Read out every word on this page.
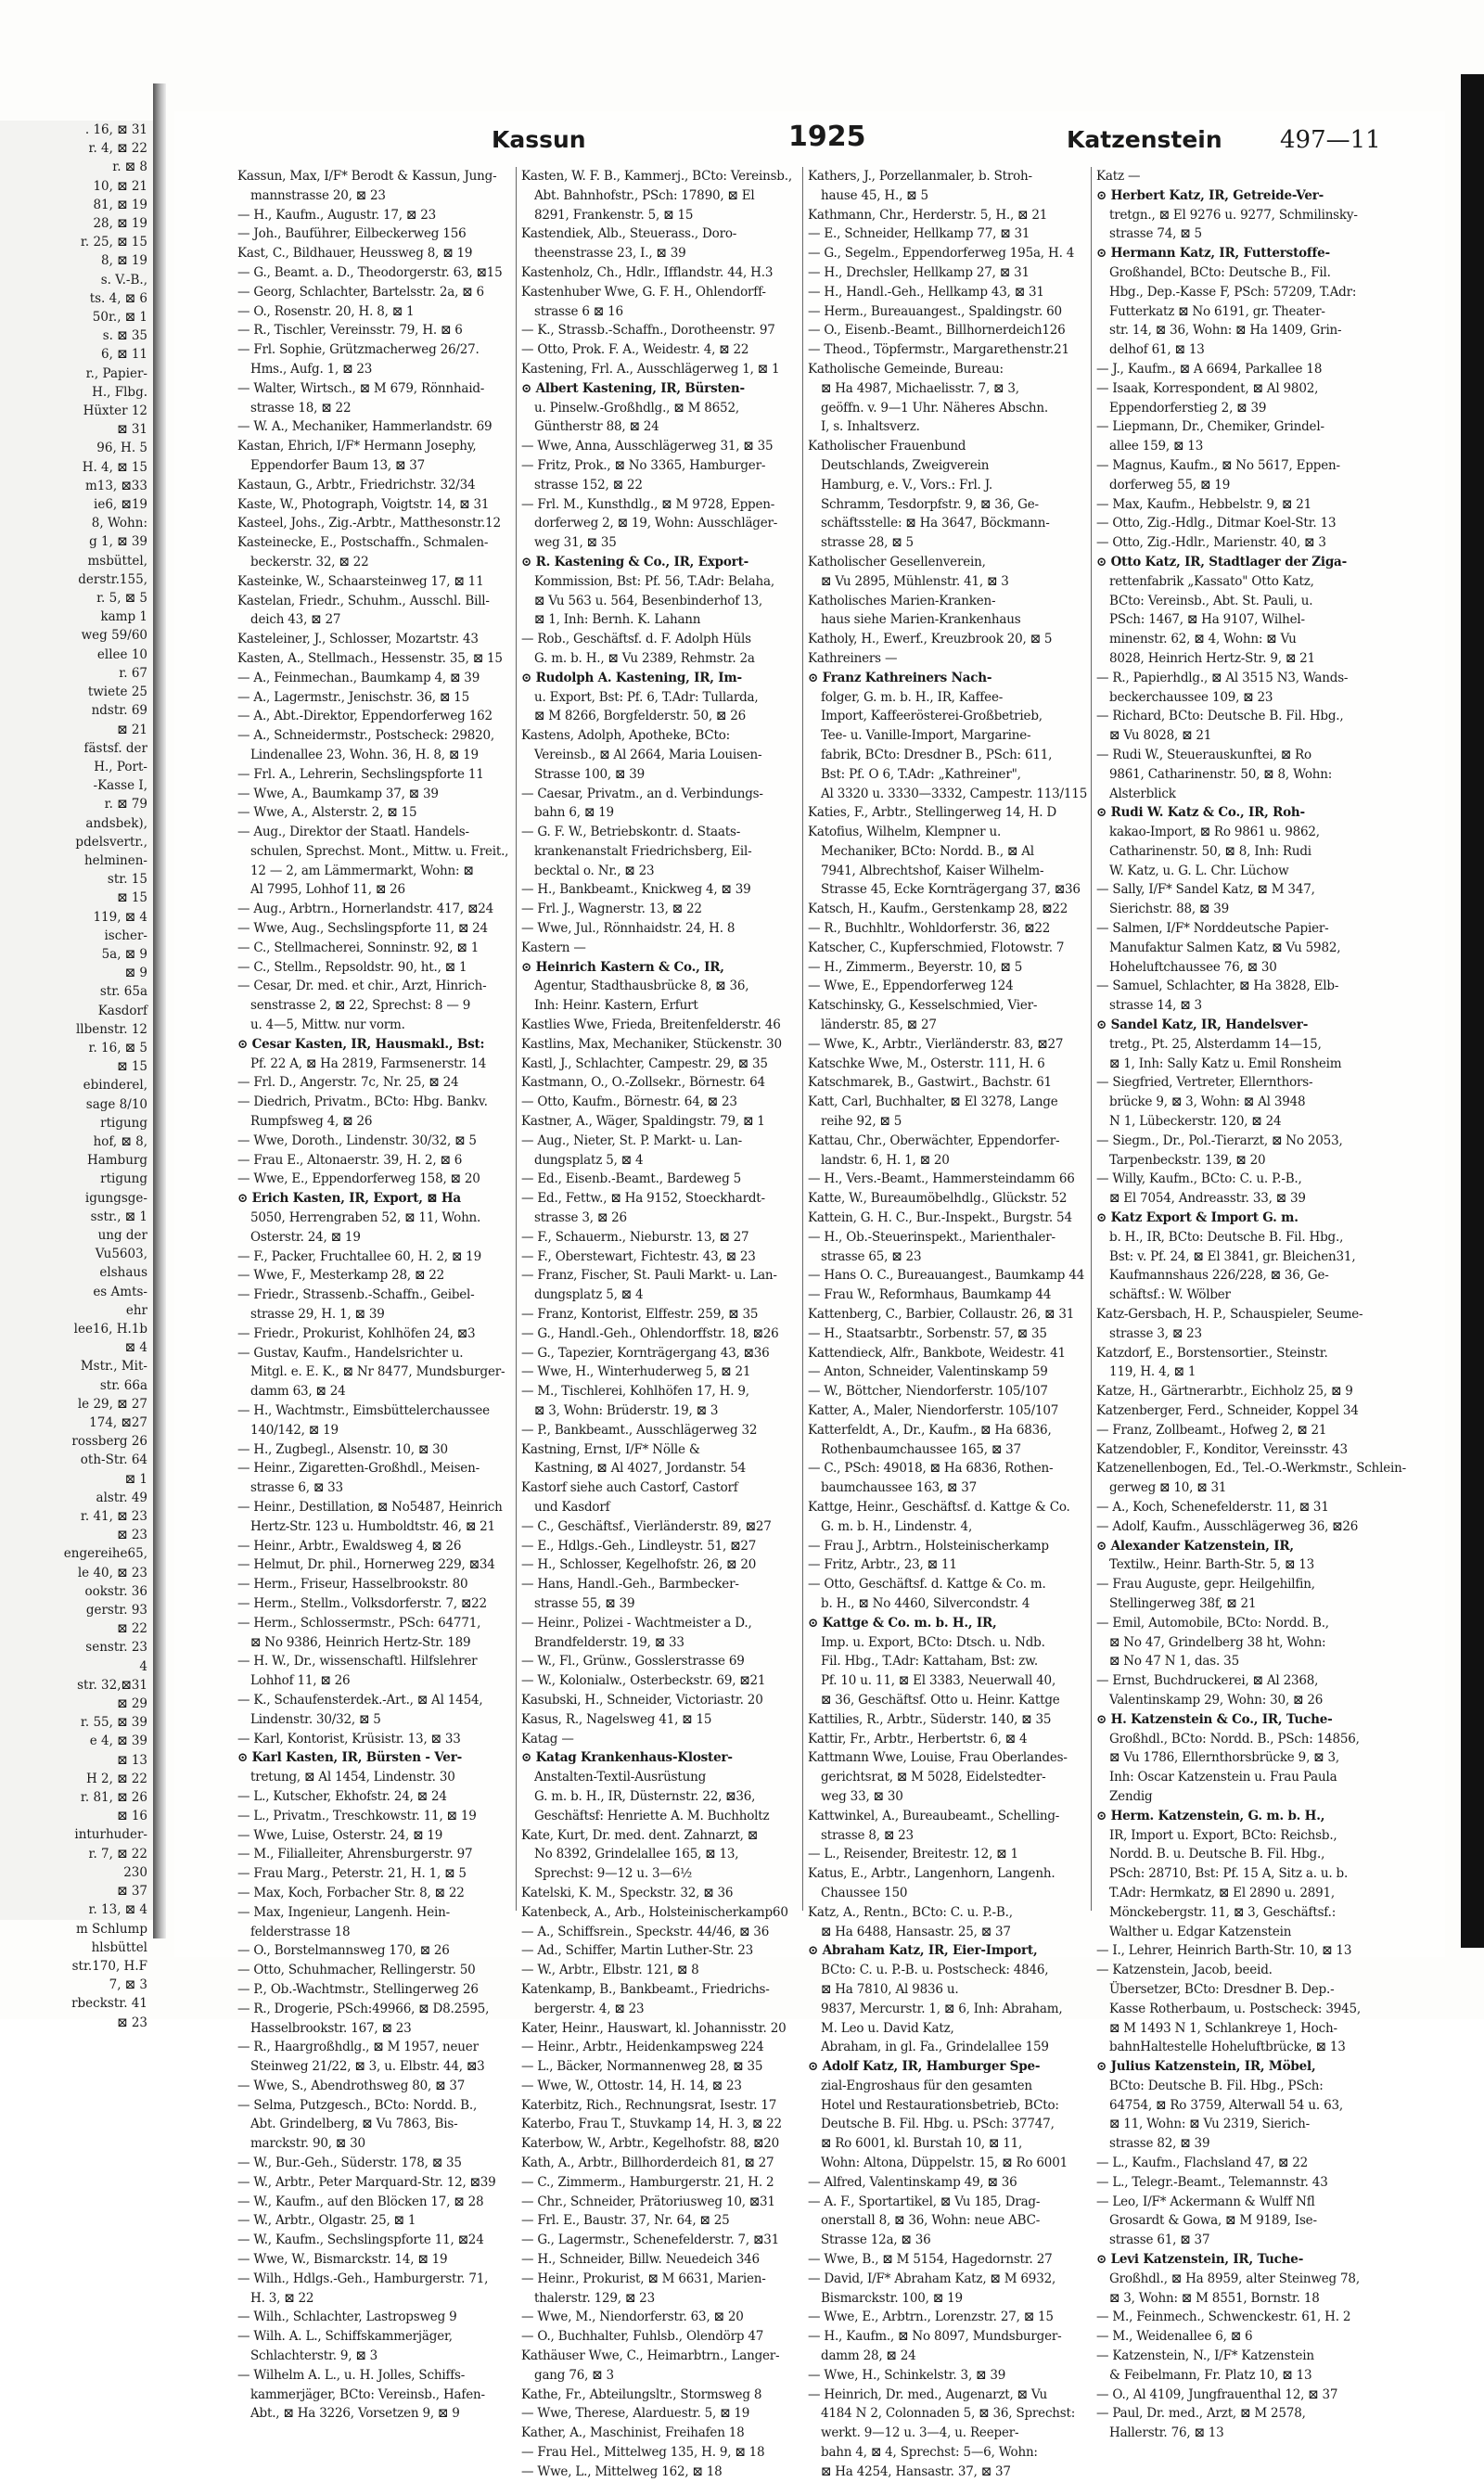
. 16, ⊠ 31
r. 4, ⊠ 22
r. ⊠ 8
10, ⊠ 21
81, ⊠ 19
28, ⊠ 19
r. 25, ⊠ 15
8, ⊠ 19
s. V.-B.,
ts. 4, ⊠ 6
50r., ⊠ 1
s. ⊠ 35
6, ⊠ 11
r., Papier-
H., Flbg.
Hüxter 12
⊠ 31
96, H. 5
H. 4, ⊠ 15
m13, ⊠33
ie6, ⊠19
8, Wohn:
g 1, ⊠ 39
msbüttel,
derstr.155,
r. 5, ⊠ 5
kamp 1
weg 59/60
ellee 10
r. 67
twiete 25
ndstr. 69
⊠ 21
fästsf. der
H., Port-
-Kasse I,
r. ⊠ 79
andsbek),
pdelsvertr.,
helminen-
str. 15
⊠ 15
119, ⊠ 4
ischer-
5a, ⊠ 9
⊠ 9
str. 65a
Kasdorf
llbenstr. 12
r. 16, ⊠ 5
⊠ 15
ebinderel,
sage 8/10
rtigung
hof, ⊠ 8,
Hamburg
rtigung
igungsge-
sstr., ⊠ 1
ung der
Vu5603,
elshaus
es Amts-
ehr
lee16, H.1b
⊠ 4
Mstr., Mit-
str. 66a
le 29, ⊠ 27
174, ⊠27
rossberg 26
oth-Str. 64
⊠ 1
alstr. 49
r. 41, ⊠ 23
⊠ 23
engereihe65,
le 40, ⊠ 23
ookstr. 36
gerstr. 93
⊠ 22
senstr. 23
4
str. 32,⊠31
⊠ 29
r. 55, ⊠ 39
e 4, ⊠ 39
⊠ 13
H 2, ⊠ 22
r. 81, ⊠ 26
⊠ 16
inturhuder-
r. 7, ⊠ 22
230
⊠ 37
r. 13, ⊠ 4
m Schlump
hlsbüttel
str.170, H.F
7, ⊠ 3
rbeckstr. 41
⊠ 23
Kassun	1925	Katzenstein 497—11
Kassun, Max, I/F* Berodt & Kassun, Jung-
mannstrasse 20, ⊠ 23
— H., Kaufm., Augustr. 17, ⊠ 23
— Joh., Bauführer, Eilbeckerweg 156
Kast, C., Bildhauer, Heussweg 8, ⊠ 19
— G., Beamt. a. D., Theodorgerstr. 63, ⊠15
— Georg, Schlachter, Bartelsstr. 2a, ⊠ 6
— O., Rosenstr. 20, H. 8, ⊠ 1
— R., Tischler, Vereinsstr. 79, H. ⊠ 6
— Frl. Sophie, Grützmacherweg 26/27.
Hms., Aufg. 1, ⊠ 23
— Walter, Wirtsch., ⊠ M 679, Rönnhaid-
strasse 18, ⊠ 22
— W. A., Mechaniker, Hammerlandstr. 69
Kastan, Ehrich, I/F* Hermann Josephy,
Eppendorfer Baum 13, ⊠ 37
Kastaun, G., Arbtr., Friedrichstr. 32/34
Kaste, W., Photograph, Voigtstr. 14, ⊠ 31
Kasteel, Johs., Zig.-Arbtr., Matthesonstr.12
Kasteinecke, E., Postschaffn., Schmalen-
beckerstr. 32, ⊠ 22
Kasteinke, W., Schaarsteinweg 17, ⊠ 11
Kastelan, Friedr., Schuhm., Ausschl. Bill-
deich 43, ⊠ 27
Kasteleiner, J., Schlosser, Mozartstr. 43
Kasten, A., Stellmach., Hessenstr. 35, ⊠ 15
— A., Feinmechan., Baumkamp 4, ⊠ 39
— A., Lagermstr., Jenischstr. 36, ⊠ 15
— A., Abt.-Direktor, Eppendorferweg 162
— A., Schneidermstr., Postscheck: 29820,
Lindenallee 23, Wohn. 36, H. 8, ⊠ 19
— Frl. A., Lehrerin, Sechslingspforte 11
— Wwe, A., Baumkamp 37, ⊠ 39
— Wwe, A., Alsterstr. 2, ⊠ 15
— Aug., Direktor der Staatl. Handels-
schulen, Sprechst. Mont., Mittw. u. Freit.,
12 — 2, am Lämmermarkt, Wohn: ⊠
Al 7995, Lohhof 11, ⊠ 26
— Aug., Arbtrn., Hornerlandstr. 417, ⊠24
— Wwe, Aug., Sechslingspforte 11, ⊠ 24
— C., Stellmacherei, Sonninstr. 92, ⊠ 1
— C., Stellm., Repsoldstr. 90, ht., ⊠ 1
— Cesar, Dr. med. et chir., Arzt, Hinrich-
senstrasse 2, ⊠ 22, Sprechst: 8 — 9
u. 4—5, Mittw. nur vorm.
⊙ Cesar Kasten, IR, Hausmakl., Bst:
Pf. 22 A, ⊠ Ha 2819, Farmsenerstr. 14
— Frl. D., Angerstr. 7c, Nr. 25, ⊠ 24
— Diedrich, Privatm., BCto: Hbg. Bankv.
Rumpfsweg 4, ⊠ 26
— Wwe, Doroth., Lindenstr. 30/32, ⊠ 5
— Frau E., Altonaerstr. 39, H. 2, ⊠ 6
— Wwe, E., Eppendorferweg 158, ⊠ 20
⊙ Erich Kasten, IR, Export, ⊠ Ha
5050, Herrengraben 52, ⊠ 11, Wohn.
Osterstr. 24, ⊠ 19
— F., Packer, Fruchtallee 60, H. 2, ⊠ 19
— Wwe, F., Mesterkamp 28, ⊠ 22
— Friedr., Strassenb.-Schaffn., Geibel-
strasse 29, H. 1, ⊠ 39
— Friedr., Prokurist, Kohlhöfen 24, ⊠3
— Gustav, Kaufm., Handelsrichter u.
Mitgl. e. E. K., ⊠ Nr 8477, Mundsburger-
damm 63, ⊠ 24
— H., Wachtmstr., Eimsbüttelerchaussee
140/142, ⊠ 19
— H., Zugbegl., Alsenstr. 10, ⊠ 30
— Heinr., Zigaretten-Großhdl., Meisen-
strasse 6, ⊠ 33
— Heinr., Destillation, ⊠ No5487, Heinrich
Hertz-Str. 123 u. Humboldtstr. 46, ⊠ 21
— Heinr., Arbtr., Ewaldsweg 4, ⊠ 26
— Helmut, Dr. phil., Hornerweg 229, ⊠34
— Herm., Friseur, Hasselbrookstr. 80
— Herm., Stellm., Volksdorferstr. 7, ⊠22
— Herm., Schlossermstr., PSch: 64771,
⊠ No 9386, Heinrich Hertz-Str. 189
— H. W., Dr., wissenschaftl. Hilfslehrer
Lohhof 11, ⊠ 26
— K., Schaufensterdek.-Art., ⊠ Al 1454,
Lindenstr. 30/32, ⊠ 5
— Karl, Kontorist, Krüsistr. 13, ⊠ 33
⊙ Karl Kasten, IR, Bürsten - Ver-
tretung, ⊠ Al 1454, Lindenstr. 30
— L., Kutscher, Ekhofstr. 24, ⊠ 24
— L., Privatm., Treschkowstr. 11, ⊠ 19
— Wwe, Luise, Osterstr. 24, ⊠ 19
— M., Filialleiter, Ahrensburgerstr. 97
— Frau Marg., Peterstr. 21, H. 1, ⊠ 5
— Max, Koch, Forbacher Str. 8, ⊠ 22
— Max, Ingenieur, Langenh. Hein-
felderstrasse 18
— O., Borstelmannsweg 170, ⊠ 26
— Otto, Schuhmacher, Rellingerstr. 50
— P., Ob.-Wachtmstr., Stellingerweg 26
— R., Drogerie, PSch:49966, ⊠ D8.2595,
Hasselbrookstr. 167, ⊠ 23
— R., Haargroßhdlg., ⊠ M 1957, neuer
Steinweg 21/22, ⊠ 3, u. Elbstr. 44, ⊠3
— Wwe, S., Abendrothsweg 80, ⊠ 37
— Selma, Putzgesch., BCto: Nordd. B.,
Abt. Grindelberg, ⊠ Vu 7863, Bis-
marckstr. 90, ⊠ 30
— W., Bur.-Geh., Süderstr. 178, ⊠ 35
— W., Arbtr., Peter Marquard-Str. 12, ⊠39
— W., Kaufm., auf den Blöcken 17, ⊠ 28
— W., Arbtr., Olgastr. 25, ⊠ 1
— W., Kaufm., Sechslingspforte 11, ⊠24
— Wwe, W., Bismarckstr. 14, ⊠ 19
— Wilh., Hdlgs.-Geh., Hamburgerstr. 71,
H. 3, ⊠ 22
— Wilh., Schlachter, Lastropsweg 9
— Wilh. A. L., Schiffskammerjäger,
Schlachterstr. 9, ⊠ 3
— Wilhelm A. L., u. H. Jolles, Schiffs-
kammerjäger, BCto: Vereinsb., Hafen-
Abt., ⊠ Ha 3226, Vorsetzen 9, ⊠ 9
Kasten, W. F. B., Kammerj., BCto: Vereinsb.,
Abt. Bahnhofstr., PSch: 17890, ⊠ El
8291, Frankenstr. 5, ⊠ 15
Kastendiek, Alb., Steuerass., Doro-
theenstrasse 23, I., ⊠ 39
Kastenholz, Ch., Hdlr., Ifflandstr. 44, H.3
Kastenhuber Wwe, G. F. H., Ohlendorff-
strasse 6 ⊠ 16
— K., Strassb.-Schaffn., Dorotheenstr. 97
— Otto, Prok. F. A., Weidestr. 4, ⊠ 22
Kastening, Frl. A., Ausschlägerweg 1, ⊠ 1
⊙ Albert Kastening, IR, Bürsten-
u. Pinselw.-Großhdlg., ⊠ M 8652,
Güntherstr 88, ⊠ 24
— Wwe, Anna, Ausschlägerweg 31, ⊠ 35
— Fritz, Prok., ⊠ No 3365, Hamburger-
strasse 152, ⊠ 22
— Frl. M., Kunsthdlg., ⊠ M 9728, Eppen-
dorferweg 2, ⊠ 19, Wohn: Ausschläger-
weg 31, ⊠ 35
⊙ R. Kastening & Co., IR, Export-
Kommission, Bst: Pf. 56, T.Adr: Belaha,
⊠ Vu 563 u. 564, Besenbinderhof 13,
⊠ 1, Inh: Bernh. K. Lahann
— Rob., Geschäftsf. d. F. Adolph Hüls
G. m. b. H., ⊠ Vu 2389, Rehmstr. 2a
⊙ Rudolph A. Kastening, IR, Im-
u. Export, Bst: Pf. 6, T.Adr: Tullarda,
⊠ M 8266, Borgfelderstr. 50, ⊠ 26
Kastens, Adolph, Apotheke, BCto:
Vereinsb., ⊠ Al 2664, Maria Louisen-
Strasse 100, ⊠ 39
— Caesar, Privatm., an d. Verbindungs-
bahn 6, ⊠ 19
— G. F. W., Betriebskontr. d. Staats-
krankenanstalt Friedrichsberg, Eil-
becktal o. Nr., ⊠ 23
— H., Bankbeamt., Knickweg 4, ⊠ 39
— Frl. J., Wagnerstr. 13, ⊠ 22
— Wwe, Jul., Rönnhaidstr. 24, H. 8
Kastern —
⊙ Heinrich Kastern & Co., IR,
Agentur, Stadthausbrücke 8, ⊠ 36,
Inh: Heinr. Kastern, Erfurt
Kastlies Wwe, Frieda, Breitenfelderstr. 46
Kastlins, Max, Mechaniker, Stückenstr. 30
Kastl, J., Schlachter, Campestr. 29, ⊠ 35
Kastmann, O., O.-Zollsekr., Börnestr. 64
— Otto, Kaufm., Börnestr. 64, ⊠ 23
Kastner, A., Wäger, Spaldingstr. 79, ⊠ 1
— Aug., Nieter, St. P. Markt- u. Lan-
dungsplatz 5, ⊠ 4
— Ed., Eisenb.-Beamt., Bardeweg 5
— Ed., Fettw., ⊠ Ha 9152, Stoeckhardt-
strasse 3, ⊠ 26
— F., Schauerm., Nieburstr. 13, ⊠ 27
— F., Oberstewart, Fichtestr. 43, ⊠ 23
— Franz, Fischer, St. Pauli Markt- u. Lan-
dungsplatz 5, ⊠ 4
— Franz, Kontorist, Elffestr. 259, ⊠ 35
— G., Handl.-Geh., Ohlendorffstr. 18, ⊠26
— G., Tapezier, Kornträgergang 43, ⊠36
— Wwe, H., Winterhuderweg 5, ⊠ 21
— M., Tischlerei, Kohlhöfen 17, H. 9,
⊠ 3, Wohn: Brüderstr. 19, ⊠ 3
— P., Bankbeamt., Ausschlägerweg 32
Kastning, Ernst, I/F* Nölle &
Kastning, ⊠ Al 4027, Jordanstr. 54
Kastorf siehe auch Castorf, Castorf
und Kasdorf
— C., Geschäftsf., Vierländerstr. 89, ⊠27
— E., Hdlgs.-Geh., Lindleystr. 51, ⊠27
— H., Schlosser, Kegelhofstr. 26, ⊠ 20
— Hans, Handl.-Geh., Barmbecker-
strasse 55, ⊠ 39
— Heinr., Polizei - Wachtmeister a D.,
Brandfelderstr. 19, ⊠ 33
— W., Fl., Grünw., Gosslerstrasse 69
— W., Kolonialw., Osterbeckstr. 69, ⊠21
Kasubski, H., Schneider, Victoriastr. 20
Kasus, R., Nagelsweg 41, ⊠ 15
Katag —
⊙ Katag Krankenhaus-Kloster-
Anstalten-Textil-Ausrüstung
G. m. b. H., IR, Düsternstr. 22, ⊠36,
Geschäftsf: Henriette A. M. Buchholtz
Kate, Kurt, Dr. med. dent. Zahnarzt, ⊠
No 8392, Grindelallee 165, ⊠ 13,
Sprechst: 9—12 u. 3—6½
Katelski, K. M., Speckstr. 32, ⊠ 36
Katenbeck, A., Arb., Holsteinischerkamp60
— A., Schiffsrein., Speckstr. 44/46, ⊠ 36
— Ad., Schiffer, Martin Luther-Str. 23
— W., Arbtr., Elbstr. 121, ⊠ 8
Katenkamp, B., Bankbeamt., Friedrichs-
bergerstr. 4, ⊠ 23
Kater, Heinr., Hauswart, kl. Johannisstr. 20
— Heinr., Arbtr., Heidenkampsweg 224
— L., Bäcker, Normannenweg 28, ⊠ 35
— Wwe, W., Ottostr. 14, H. 14, ⊠ 23
Katerbitz, Rich., Rechnungsrat, Isestr. 17
Katerbo, Frau T., Stuvkamp 14, H. 3, ⊠ 22
Katerbow, W., Arbtr., Kegelhofstr. 88, ⊠20
Kath, A., Arbtr., Billhorderdeich 81, ⊠ 27
— C., Zimmerm., Hamburgerstr. 21, H. 2
— Chr., Schneider, Prätoriusweg 10, ⊠31
— Frl. E., Baustr. 37, Nr. 64, ⊠ 25
— G., Lagermstr., Schenefelderstr. 7, ⊠31
— H., Schneider, Billw. Neuedeich 346
— Heinr., Prokurist, ⊠ M 6631, Marien-
thalerstr. 129, ⊠ 23
— Wwe, M., Niendorferstr. 63, ⊠ 20
— O., Buchhalter, Fuhlsb., Olendörp 47
Kathäuser Wwe, C., Heimarbtrn., Langer-
gang 76, ⊠ 3
Kathe, Fr., Abteilungsltr., Stormsweg 8
— Wwe, Therese, Alarduestr. 5, ⊠ 19
Kather, A., Maschinist, Freihafen 18
— Frau Hel., Mittelweg 135, H. 9, ⊠ 18
— Wwe, L., Mittelweg 162, ⊠ 18
Kathers, J., Porzellanmaler, b. Stroh-
hause 45, H., ⊠ 5
Kathmann, Chr., Herderstr. 5, H., ⊠ 21
— E., Schneider, Hellkamp 77, ⊠ 31
— G., Segelm., Eppendorferweg 195a, H. 4
— H., Drechsler, Hellkamp 27, ⊠ 31
— H., Handl.-Geh., Hellkamp 43, ⊠ 31
— Herm., Bureauangest., Spaldingstr. 60
— O., Eisenb.-Beamt., Billhornerdeich126
— Theod., Töpfermstr., Margarethenstr.21
Katholische Gemeinde, Bureau:
⊠ Ha 4987, Michaelisstr. 7, ⊠ 3,
geöffn. v. 9—1 Uhr. Näheres Abschn.
I, s. Inhaltsverz.
Katholischer Frauenbund
Deutschlands, Zweigverein
Hamburg, e. V., Vors.: Frl. J.
Schramm, Tesdorpfstr. 9, ⊠ 36, Ge-
schäftsstelle: ⊠ Ha 3647, Böckmann-
strasse 28, ⊠ 5
Katholischer Gesellenverein,
⊠ Vu 2895, Mühlenstr. 41, ⊠ 3
Katholisches Marien-Kranken-
haus siehe Marien-Krankenhaus
Katholy, H., Ewerf., Kreuzbrook 20, ⊠ 5
Kathreiners —
⊙ Franz Kathreiners Nach-
folger, G. m. b. H., IR, Kaffee-
Import, Kaffeerösterei-Großbetrieb,
Tee- u. Vanille-Import, Margarine-
fabrik, BCto: Dresdner B., PSch: 611,
Bst: Pf. O 6, T.Adr: „Kathreiner",
Al 3320 u. 3330—3332, Campestr. 113/115
Katies, F., Arbtr., Stellingerweg 14, H. D
Katofius, Wilhelm, Klempner u.
Mechaniker, BCto: Nordd. B., ⊠ Al
7941, Albrechtshof, Kaiser Wilhelm-
Strasse 45, Ecke Kornträgergang 37, ⊠36
Katsch, H., Kaufm., Gerstenkamp 28, ⊠22
— R., Buchhltr., Wohldorferstr. 36, ⊠22
Katscher, C., Kupferschmied, Flotowstr. 7
— H., Zimmerm., Beyerstr. 10, ⊠ 5
— Wwe, E., Eppendorferweg 124
Katschinsky, G., Kesselschmied, Vier-
länderstr. 85, ⊠ 27
— Wwe, K., Arbtr., Vierländerstr. 83, ⊠27
Katschke Wwe, M., Osterstr. 111, H. 6
Katschmarek, B., Gastwirt., Bachstr. 61
Katt, Carl, Buchhalter, ⊠ El 3278, Lange
reihe 92, ⊠ 5
Kattau, Chr., Oberwächter, Eppendorfer-
landstr. 6, H. 1, ⊠ 20
— H., Vers.-Beamt., Hammersteindamm 66
Katte, W., Bureaumöbelhdlg., Glückstr. 52
Kattein, G. H. C., Bur.-Inspekt., Burgstr. 54
— H., Ob.-Steuerinspekt., Marienthaler-
strasse 65, ⊠ 23
— Hans O. C., Bureauangest., Baumkamp 44
— Frau W., Reformhaus, Baumkamp 44
Kattenberg, C., Barbier, Collaustr. 26, ⊠ 31
— H., Staatsarbtr., Sorbenstr. 57, ⊠ 35
Kattendieck, Alfr., Bankbote, Weidestr. 41
— Anton, Schneider, Valentinskamp 59
— W., Böttcher, Niendorferstr. 105/107
Katter, A., Maler, Niendorferstr. 105/107
Katterfeldt, A., Dr., Kaufm., ⊠ Ha 6836,
Rothenbaumchaussee 165, ⊠ 37
— C., PSch: 49018, ⊠ Ha 6836, Rothen-
baumchaussee 163, ⊠ 37
Kattge, Heinr., Geschäftsf. d. Kattge & Co.
G. m. b. H., Lindenstr. 4,
— Frau J., Arbtrn., Holsteinischerkamp
— Fritz, Arbtr., 23, ⊠ 11
— Otto, Geschäftsf. d. Kattge & Co. m.
b. H., ⊠ No 4460, Silvercondstr. 4
⊙ Kattge & Co. m. b. H., IR,
Imp. u. Export, BCto: Dtsch. u. Ndb.
Fil. Hbg., T.Adr: Kattaham, Bst: zw.
Pf. 10 u. 11, ⊠ El 3383, Neuerwall 40,
⊠ 36, Geschäftsf. Otto u. Heinr. Kattge
Kattilies, R., Arbtr., Süderstr. 140, ⊠ 35
Kattir, Fr., Arbtr., Herbertstr. 6, ⊠ 4
Kattmann Wwe, Louise, Frau Oberlandes-
gerichtsrat, ⊠ M 5028, Eidelstedter-
weg 33, ⊠ 30
Kattwinkel, A., Bureaubeamt., Schelling-
strasse 8, ⊠ 23
— L., Reisender, Breitestr. 12, ⊠ 1
Katus, E., Arbtr., Langenhorn, Langenh.
Chaussee 150
Katz, A., Rentn., BCto: C. u. P.-B.,
⊠ Ha 6488, Hansastr. 25, ⊠ 37
⊙ Abraham Katz, IR, Eier-Import,
BCto: C. u. P.-B. u. Postscheck: 4846,
⊠ Ha 7810, Al 9836 u.
9837, Mercurstr. 1, ⊠ 6, Inh: Abraham,
M. Leo u. David Katz,
Abraham, in gl. Fa., Grindelallee 159
⊙ Adolf Katz, IR, Hamburger Spe-
zial-Engroshaus für den gesamten
Hotel und Restaurationsbetrieb, BCto:
Deutsche B. Fil. Hbg. u. PSch: 37747,
⊠ Ro 6001, kl. Burstah 10, ⊠ 11,
Wohn: Altona, Düppelstr. 15, ⊠ Ro 6001
— Alfred, Valentinskamp 49, ⊠ 36
— A. F., Sportartikel, ⊠ Vu 185, Drag-
onerstall 8, ⊠ 36, Wohn: neue ABC-
Strasse 12a, ⊠ 36
— Wwe, B., ⊠ M 5154, Hagedornstr. 27
— David, I/F* Abraham Katz, ⊠ M 6932,
Bismarckstr. 100, ⊠ 19
— Wwe, E., Arbtrn., Lorenzstr. 27, ⊠ 15
— H., Kaufm., ⊠ No 8097, Mundsburger-
damm 28, ⊠ 24
— Wwe, H., Schinkelstr. 3, ⊠ 39
— Heinrich, Dr. med., Augenarzt, ⊠ Vu
4184 N 2, Colonnaden 5, ⊠ 36, Sprechst:
werkt. 9—12 u. 3—4, u. Reeper-
bahn 4, ⊠ 4, Sprechst: 5—6, Wohn:
⊠ Ha 4254, Hansastr. 37, ⊠ 37
Katz —
⊙ Herbert Katz, IR, Getreide-Ver-
tretgn., ⊠ El 9276 u. 9277, Schmilinsky-
strasse 74, ⊠ 5
⊙ Hermann Katz, IR, Futterstoffe-
Großhandel, BCto: Deutsche B., Fil.
Hbg., Dep.-Kasse F, PSch: 57209, T.Adr:
Futterkatz ⊠ No 6191, gr. Theater-
str. 14, ⊠ 36, Wohn: ⊠ Ha 1409, Grin-
delhof 61, ⊠ 13
— J., Kaufm., ⊠ A 6694, Parkallee 18
— Isaak, Korrespondent, ⊠ Al 9802,
Eppendorferstieg 2, ⊠ 39
— Liepmann, Dr., Chemiker, Grindel-
allee 159, ⊠ 13
— Magnus, Kaufm., ⊠ No 5617, Eppen-
dorferweg 55, ⊠ 19
— Max, Kaufm., Hebbelstr. 9, ⊠ 21
— Otto, Zig.-Hdlg., Ditmar Koel-Str. 13
— Otto, Zig.-Hdlr., Marienstr. 40, ⊠ 3
⊙ Otto Katz, IR, Stadtlager der Ziga-
rettenfabrik „Kassato" Otto Katz,
BCto: Vereinsb., Abt. St. Pauli, u.
PSch: 1467, ⊠ Ha 9107, Wilhel-
minenstr. 62, ⊠ 4, Wohn: ⊠ Vu
8028, Heinrich Hertz-Str. 9, ⊠ 21
— R., Papierhdlg., ⊠ Al 3515 N3, Wands-
beckerchaussee 109, ⊠ 23
— Richard, BCto: Deutsche B. Fil. Hbg.,
⊠ Vu 8028, ⊠ 21
— Rudi W., Steuerauskunftei, ⊠ Ro
9861, Catharinenstr. 50, ⊠ 8, Wohn:
Alsterblick
⊙ Rudi W. Katz & Co., IR, Roh-
kakao-Import, ⊠ Ro 9861 u. 9862,
Catharinenstr. 50, ⊠ 8, Inh: Rudi
W. Katz, u. G. L. Chr. Lüchow
— Sally, I/F* Sandel Katz, ⊠ M 347,
Sierichstr. 88, ⊠ 39
— Salmen, I/F* Norddeutsche Papier-
Manufaktur Salmen Katz, ⊠ Vu 5982,
Hoheluftchaussee 76, ⊠ 30
— Samuel, Schlachter, ⊠ Ha 3828, Elb-
strasse 14, ⊠ 3
⊙ Sandel Katz, IR, Handelsver-
tretg., Pt. 25, Alsterdamm 14—15,
⊠ 1, Inh: Sally Katz u. Emil Ronsheim
— Siegfried, Vertreter, Ellernthors-
brücke 9, ⊠ 3, Wohn: ⊠ Al 3948
N 1, Lübeckerstr. 120, ⊠ 24
— Siegm., Dr., Pol.-Tierarzt, ⊠ No 2053,
Tarpenbeckstr. 139, ⊠ 20
— Willy, Kaufm., BCto: C. u. P.-B.,
⊠ El 7054, Andreasstr. 33, ⊠ 39
⊙ Katz Export & Import G. m.
b. H., IR, BCto: Deutsche B. Fil. Hbg.,
Bst: v. Pf. 24, ⊠ El 3841, gr. Bleichen31,
Kaufmannshaus 226/228, ⊠ 36, Ge-
schäftsf.: W. Wölber
Katz-Gersbach, H. P., Schauspieler, Seume-
strasse 3, ⊠ 23
Katzdorf, E., Borstensortier., Steinstr.
119, H. 4, ⊠ 1
Katze, H., Gärtnerarbtr., Eichholz 25, ⊠ 9
Katzenberger, Ferd., Schneider, Koppel 34
— Franz, Zollbeamt., Hofweg 2, ⊠ 21
Katzendobler, F., Konditor, Vereinsstr. 43
Katzenellenbogen, Ed., Tel.-O.-Werkmstr., Schlein-
gerweg ⊠ 10, ⊠ 31
— A., Koch, Schenefelderstr. 11, ⊠ 31
— Adolf, Kaufm., Ausschlägerweg 36, ⊠26
⊙ Alexander Katzenstein, IR,
Textilw., Heinr. Barth-Str. 5, ⊠ 13
— Frau Auguste, gepr. Heilgehilfin,
Stellingerweg 38f, ⊠ 21
— Emil, Automobile, BCto: Nordd. B.,
⊠ No 47, Grindelberg 38 ht, Wohn:
⊠ No 47 N 1, das. 35
— Ernst, Buchdruckerei, ⊠ Al 2368,
Valentinskamp 29, Wohn: 30, ⊠ 26
⊙ H. Katzenstein & Co., IR, Tuche-
Großhdl., BCto: Nordd. B., PSch: 14856,
⊠ Vu 1786, Ellernthorsbrücke 9, ⊠ 3,
Inh: Oscar Katzenstein u. Frau Paula
Zendig
⊙ Herm. Katzenstein, G. m. b. H.,
IR, Import u. Export, BCto: Reichsb.,
Nordd. B. u. Deutsche B. Fil. Hbg.,
PSch: 28710, Bst: Pf. 15 A, Sitz a. u. b.
T.Adr: Hermkatz, ⊠ El 2890 u. 2891,
Mönckebergstr. 11, ⊠ 3, Geschäftsf.:
Walther u. Edgar Katzenstein
— I., Lehrer, Heinrich Barth-Str. 10, ⊠ 13
— Katzenstein, Jacob, beeid.
Übersetzer, BCto: Dresdner B. Dep.-
Kasse Rotherbaum, u. Postscheck: 3945,
⊠ M 1493 N 1, Schlankreye 1, Hoch-
bahnHaltestelle Hoheluftbrücke, ⊠ 13
⊙ Julius Katzenstein, IR, Möbel,
BCto: Deutsche B. Fil. Hbg., PSch:
64754, ⊠ Ro 3759, Alterwall 54 u. 63,
⊠ 11, Wohn: ⊠ Vu 2319, Sierich-
strasse 82, ⊠ 39
— L., Kaufm., Flachsland 47, ⊠ 22
— L., Telegr.-Beamt., Telemannstr. 43
— Leo, I/F* Ackermann & Wulff Nfl
Grosardt & Gowa, ⊠ M 9189, Ise-
strasse 61, ⊠ 37
⊙ Levi Katzenstein, IR, Tuche-
Großhdl., ⊠ Ha 8959, alter Steinweg 78,
⊠ 3, Wohn: ⊠ M 8551, Bornstr. 18
— M., Feinmech., Schwenckestr. 61, H. 2
— M., Weidenallee 6, ⊠ 6
— Katzenstein, N., I/F* Katzenstein
& Feibelmann, Fr. Platz 10, ⊠ 13
— O., Al 4109, Jungfrauenthal 12, ⊠ 37
— Paul, Dr. med., Arzt, ⊠ M 2578,
Hallerstr. 76, ⊠ 13
